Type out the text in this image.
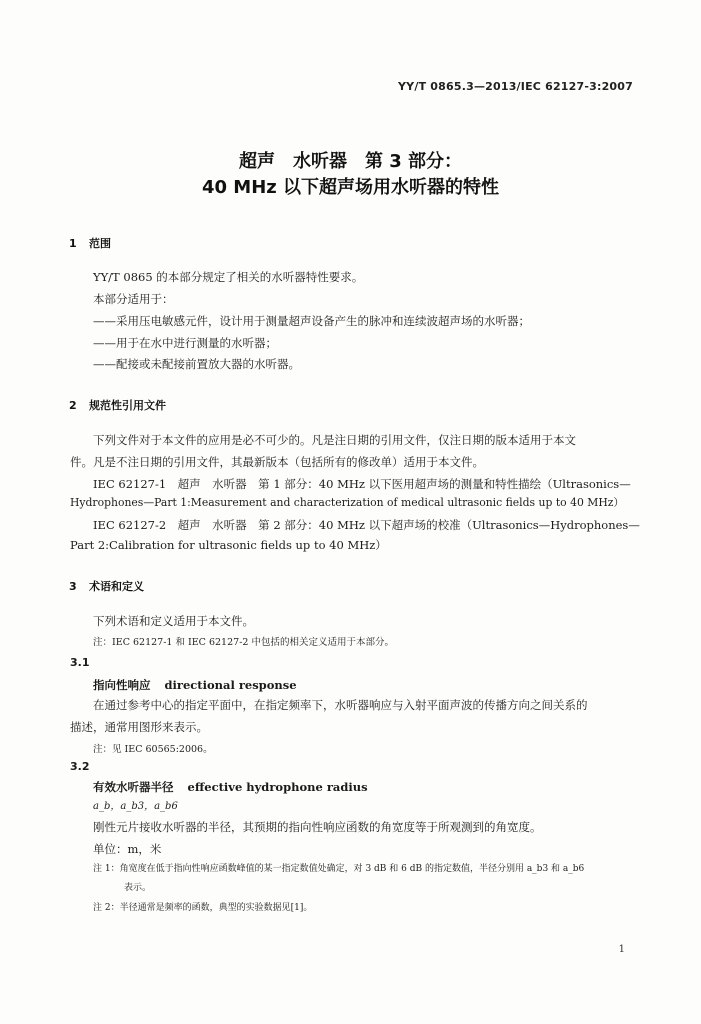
YY/T 0865.3—2013/IEC 62127-3:2007
超声　水听器　第 3 部分：
40 MHz 以下超声场用水听器的特性
1 范围
YY/T 0865 的本部分规定了相关的水听器特性要求。
本部分适用于：
——采用压电敏感元件，设计用于测量超声设备产生的脉冲和连续波超声场的水听器；
——用于在水中进行测量的水听器；
——配接或未配接前置放大器的水听器。
2 规范性引用文件
下列文件对于本文件的应用是必不可少的。凡是注日期的引用文件，仅注日期的版本适用于本文
件。凡是不注日期的引用文件，其最新版本（包括所有的修改单）适用于本文件。
IEC 62127-1　超声　水听器　第 1 部分：40 MHz 以下医用超声场的测量和特性描绘（Ultrasonics—
Hydrophones—Part 1:Measurement and characterization of medical ultrasonic fields up to 40 MHz）
IEC 62127-2　超声　水听器　第 2 部分：40 MHz 以下超声场的校准（Ultrasonics—Hydrophones—
Part 2:Calibration for ultrasonic fields up to 40 MHz）
3 术语和定义
下列术语和定义适用于本文件。
注：IEC 62127-1 和 IEC 62127-2 中包括的相关定义适用于本部分。
3.1
指向性响应 directional response
在通过参考中心的指定平面中，在指定频率下，水听器响应与入射平面声波的传播方向之间关系的
描述，通常用图形来表示。
注：见 IEC 60565:2006。
3.2
有效水听器半径 effective hydrophone radius
a_b，a_b3，a_b6
刚性元片接收水听器的半径，其预期的指向性响应函数的角宽度等于所观测到的角宽度。
单位：m，米
注 1：角宽度在低于指向性响应函数峰值的某一指定数值处确定，对 3 dB 和 6 dB 的指定数值，半径分别用 a_b3 和 a_b6
表示。
注 2：半径通常是频率的函数，典型的实验数据见[1]。
1
